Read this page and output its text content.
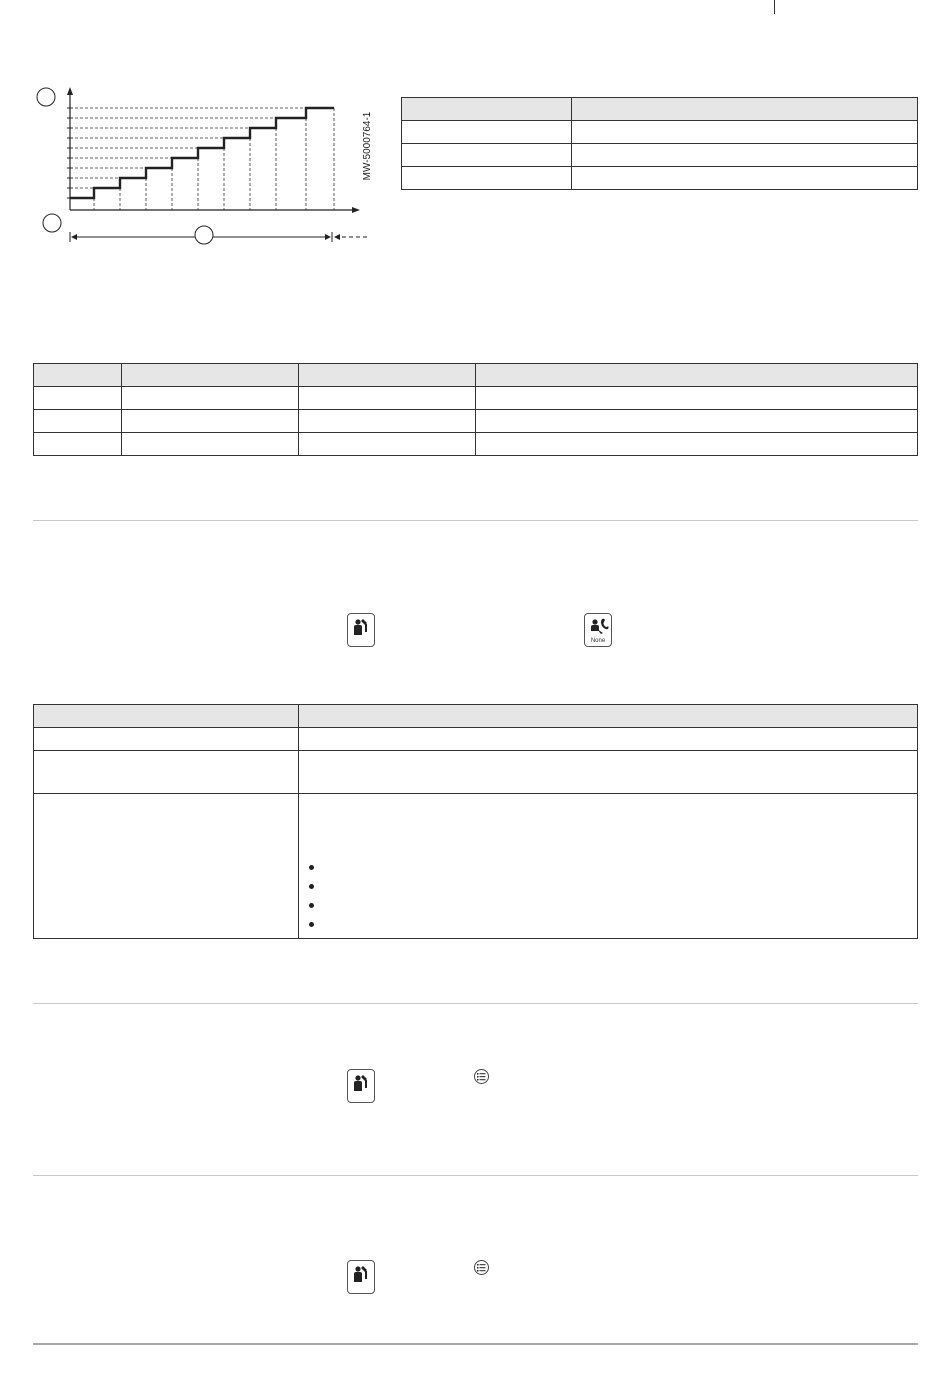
MW-5000764-1

None
